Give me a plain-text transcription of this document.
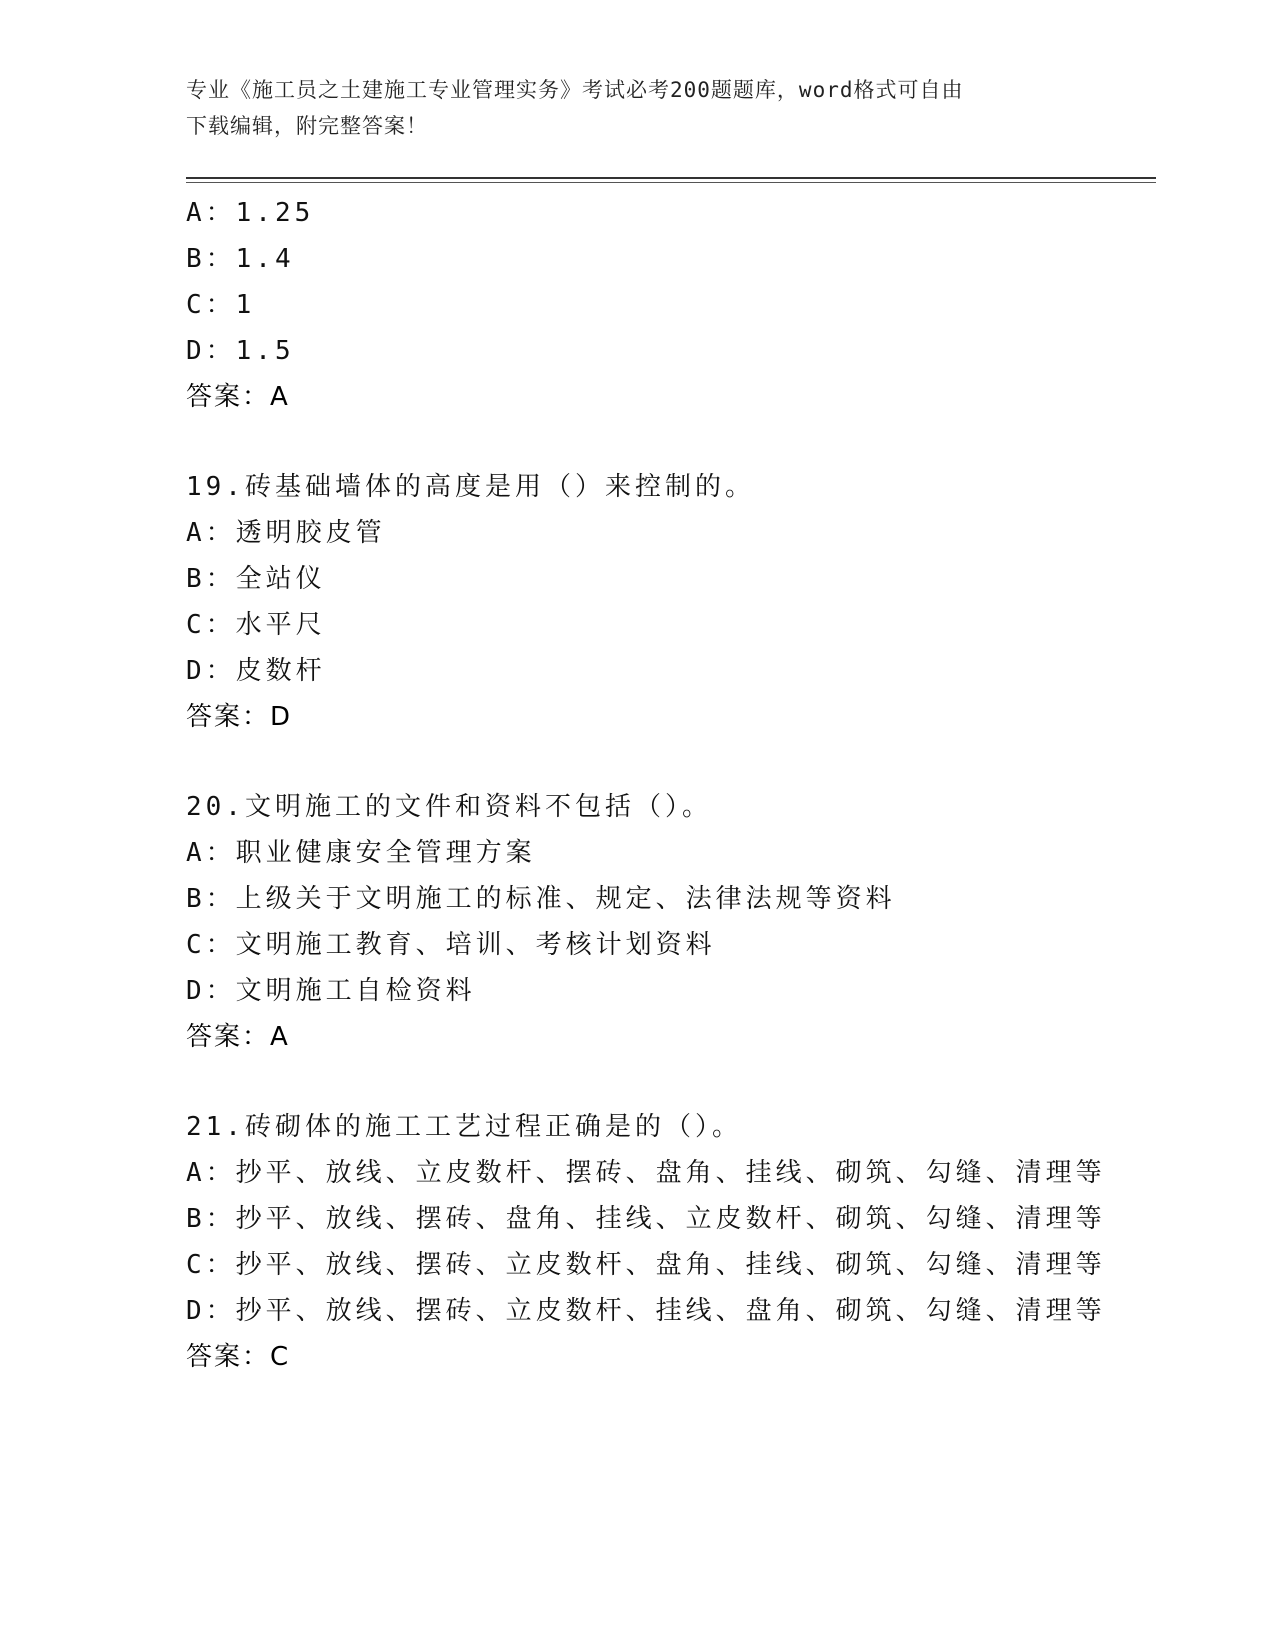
专业《施工员之土建施工专业管理实务》考试必考200题题库，word格式可自由
下载编辑，附完整答案！
A：1.25
B：1.4
C：1
D：1.5
答案：A
19.砖基础墙体的高度是用（）来控制的。
A：透明胶皮管
B：全站仪
C：水平尺
D：皮数杆
答案：D
20.文明施工的文件和资料不包括（）。
A：职业健康安全管理方案
B：上级关于文明施工的标准、规定、法律法规等资料
C：文明施工教育、培训、考核计划资料
D：文明施工自检资料
答案：A
21.砖砌体的施工工艺过程正确是的（）。
A：抄平、放线、立皮数杆、摆砖、盘角、挂线、砌筑、勾缝、清理等
B：抄平、放线、摆砖、盘角、挂线、立皮数杆、砌筑、勾缝、清理等
C：抄平、放线、摆砖、立皮数杆、盘角、挂线、砌筑、勾缝、清理等
D：抄平、放线、摆砖、立皮数杆、挂线、盘角、砌筑、勾缝、清理等
答案：C
